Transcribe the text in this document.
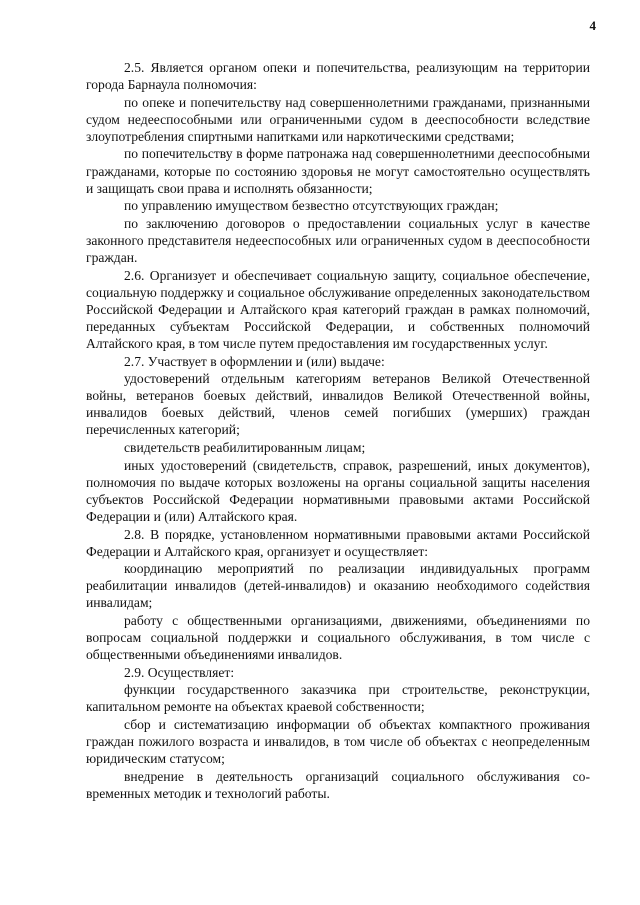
4

2.5. Является органом опеки и попечительства, реализующим на территории города Барнаула полномочия:

по опеке и попечительству над совершеннолетними гражданами, признанными судом недееспособными или ограниченными судом в дееспособности вследствие злоупотребления спиртными напитками или наркотическими средствами;

по попечительству в форме патронажа над совершеннолетними дееспособными гражданами, которые по состоянию здоровья не могут самостоятельно осуществлять и защищать свои права и исполнять обязанности;

по управлению имуществом безвестно отсутствующих граждан;

по заключению договоров о предоставлении социальных услуг в качестве законного представителя недееспособных или ограниченных судом в дееспособности граждан.

2.6. Организует и обеспечивает социальную защиту, социальное обеспечение, социальную поддержку и социальное обслуживание определенных законодательством Российской Федерации и Алтайского края категорий граждан в рамках полномочий, переданных субъектам Российской Федерации, и собственных полномочий Алтайского края, в том числе путем предоставления им государственных услуг.

2.7. Участвует в оформлении и (или) выдаче:

удостоверений отдельным категориям ветеранов Великой Отечественной войны, ветеранов боевых действий, инвалидов Великой Отечественной войны, инвалидов боевых действий, членов семей погибших (умерших) граждан перечисленных категорий;

свидетельств реабилитированным лицам;

иных удостоверений (свидетельств, справок, разрешений, иных документов), полномочия по выдаче которых возложены на органы социальной защиты населения субъектов Российской Федерации нормативными правовыми актами Российской Федерации и (или) Алтайского края.

2.8. В порядке, установленном нормативными правовыми актами Российской Федерации и Алтайского края, организует и осуществляет:

координацию мероприятий по реализации индивидуальных программ реабилитации инвалидов (детей-инвалидов) и оказанию необходимого содействия инвалидам;

работу с общественными организациями, движениями, объединениями по вопросам социальной поддержки и социального обслуживания, в том числе с общественными объединениями инвалидов.

2.9. Осуществляет:

функции государственного заказчика при строительстве, реконструкции, капитальном ремонте на объектах краевой собственности;

сбор и систематизацию информации об объектах компактного проживания граждан пожилого возраста и инвалидов, в том числе об объектах с неопределенным юридическим статусом;

внедрение в деятельность организаций социального обслуживания современных методик и технологий работы.
